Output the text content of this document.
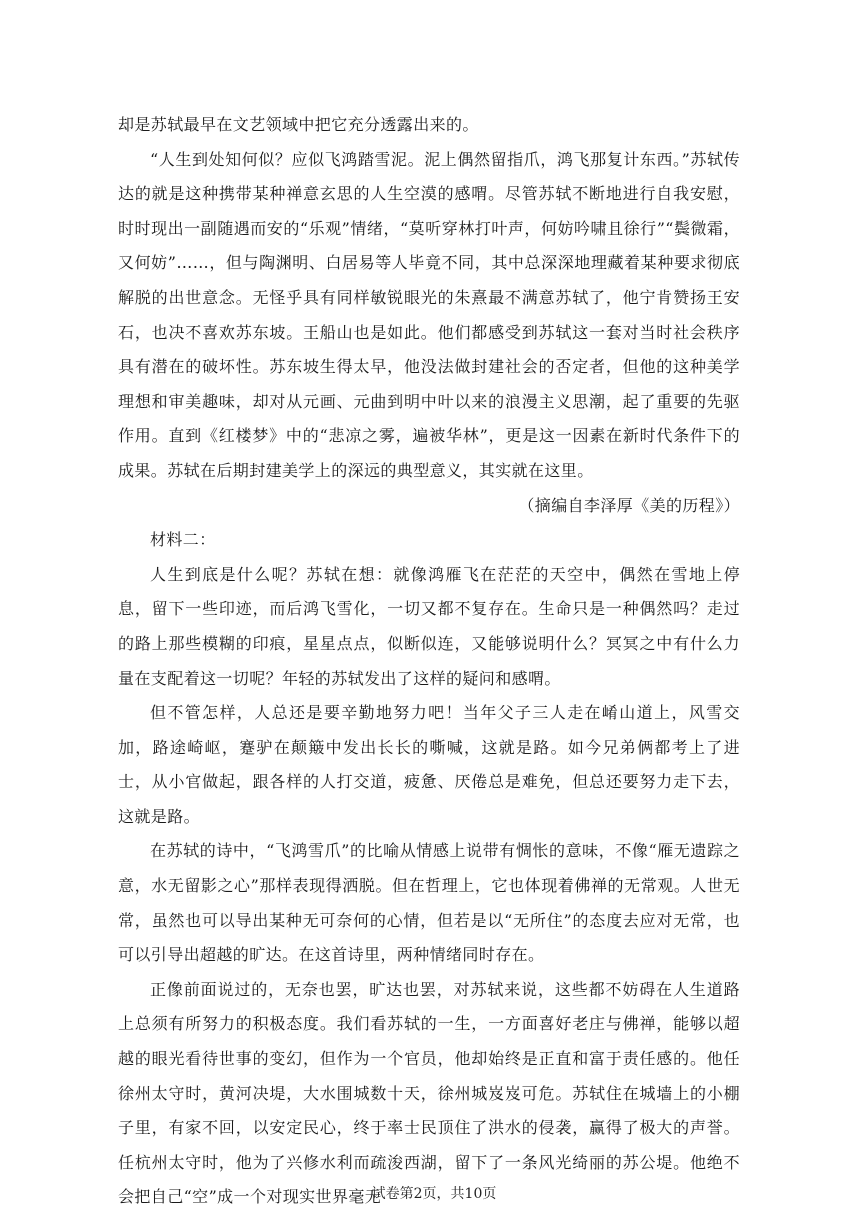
却是苏轼最早在文艺领域中把它充分透露出来的。

“人生到处知何似？应似飞鸿踏雪泥。泥上偶然留指爪，鸿飞那复计东西。”苏轼传达的就是这种携带某种禅意玄思的人生空漠的感喟。尽管苏轼不断地进行自我安慰，时时现出一副随遇而安的“乐观”情绪，“莫听穿林打叶声，何妨吟啸且徐行”“鬓微霜，又何妨”……，但与陶渊明、白居易等人毕竟不同，其中总深深地理藏着某种要求彻底解脱的出世意念。无怪乎具有同样敏锐眼光的朱熹最不满意苏轼了，他宁肯赞扬王安石，也决不喜欢苏东坡。王船山也是如此。他们都感受到苏轼这一套对当时社会秩序具有潜在的破坏性。苏东坡生得太早，他没法做封建社会的否定者，但他的这种美学理想和审美趣味，却对从元画、元曲到明中叶以来的浪漫主义思潮，起了重要的先驱作用。直到《红楼梦》中的“悲凉之雾，遍被华林”，更是这一因素在新时代条件下的成果。苏轼在后期封建美学上的深远的典型意义，其实就在这里。

（摘编自李泽厚《美的历程》）

材料二：

人生到底是什么呢？苏轼在想：就像鸿雁飞在茫茫的天空中，偶然在雪地上停息，留下一些印迹，而后鸿飞雪化，一切又都不复存在。生命只是一种偶然吗？走过的路上那些模糊的印痕，星星点点，似断似连，又能够说明什么？冥冥之中有什么力量在支配着这一切呢？年轻的苏轼发出了这样的疑问和感喟。

但不管怎样，人总还是要辛勤地努力吧！当年父子三人走在崤山道上，风雪交加，路途崎岖，蹇驴在颠簸中发出长长的嘶喊，这就是路。如今兄弟俩都考上了进士，从小官做起，跟各样的人打交道，疲惫、厌倦总是难免，但总还要努力走下去，这就是路。

在苏轼的诗中，“飞鸿雪爪”的比喻从情感上说带有惆怅的意味，不像“雁无遗踪之意，水无留影之心”那样表现得洒脱。但在哲理上，它也体现着佛禅的无常观。人世无常，虽然也可以导出某种无可奈何的心情，但若是以“无所住”的态度去应对无常，也可以引导出超越的旷达。在这首诗里，两种情绪同时存在。

正像前面说过的，无奈也罢，旷达也罢，对苏轼来说，这些都不妨碍在人生道路上总须有所努力的积极态度。我们看苏轼的一生，一方面喜好老庄与佛禅，能够以超越的眼光看待世事的变幻，但作为一个官员，他却始终是正直和富于责任感的。他任徐州太守时，黄河决堤，大水围城数十天，徐州城岌岌可危。苏轼住在城墙上的小棚子里，有家不回，以安定民心，终于率士民顶住了洪水的侵袭，赢得了极大的声誉。任杭州太守时，他为了兴修水利而疏浚西湖，留下了一条风光绮丽的苏公堤。他绝不会把自己“空”成一个对现实世界毫无

试卷第2页，共10页
